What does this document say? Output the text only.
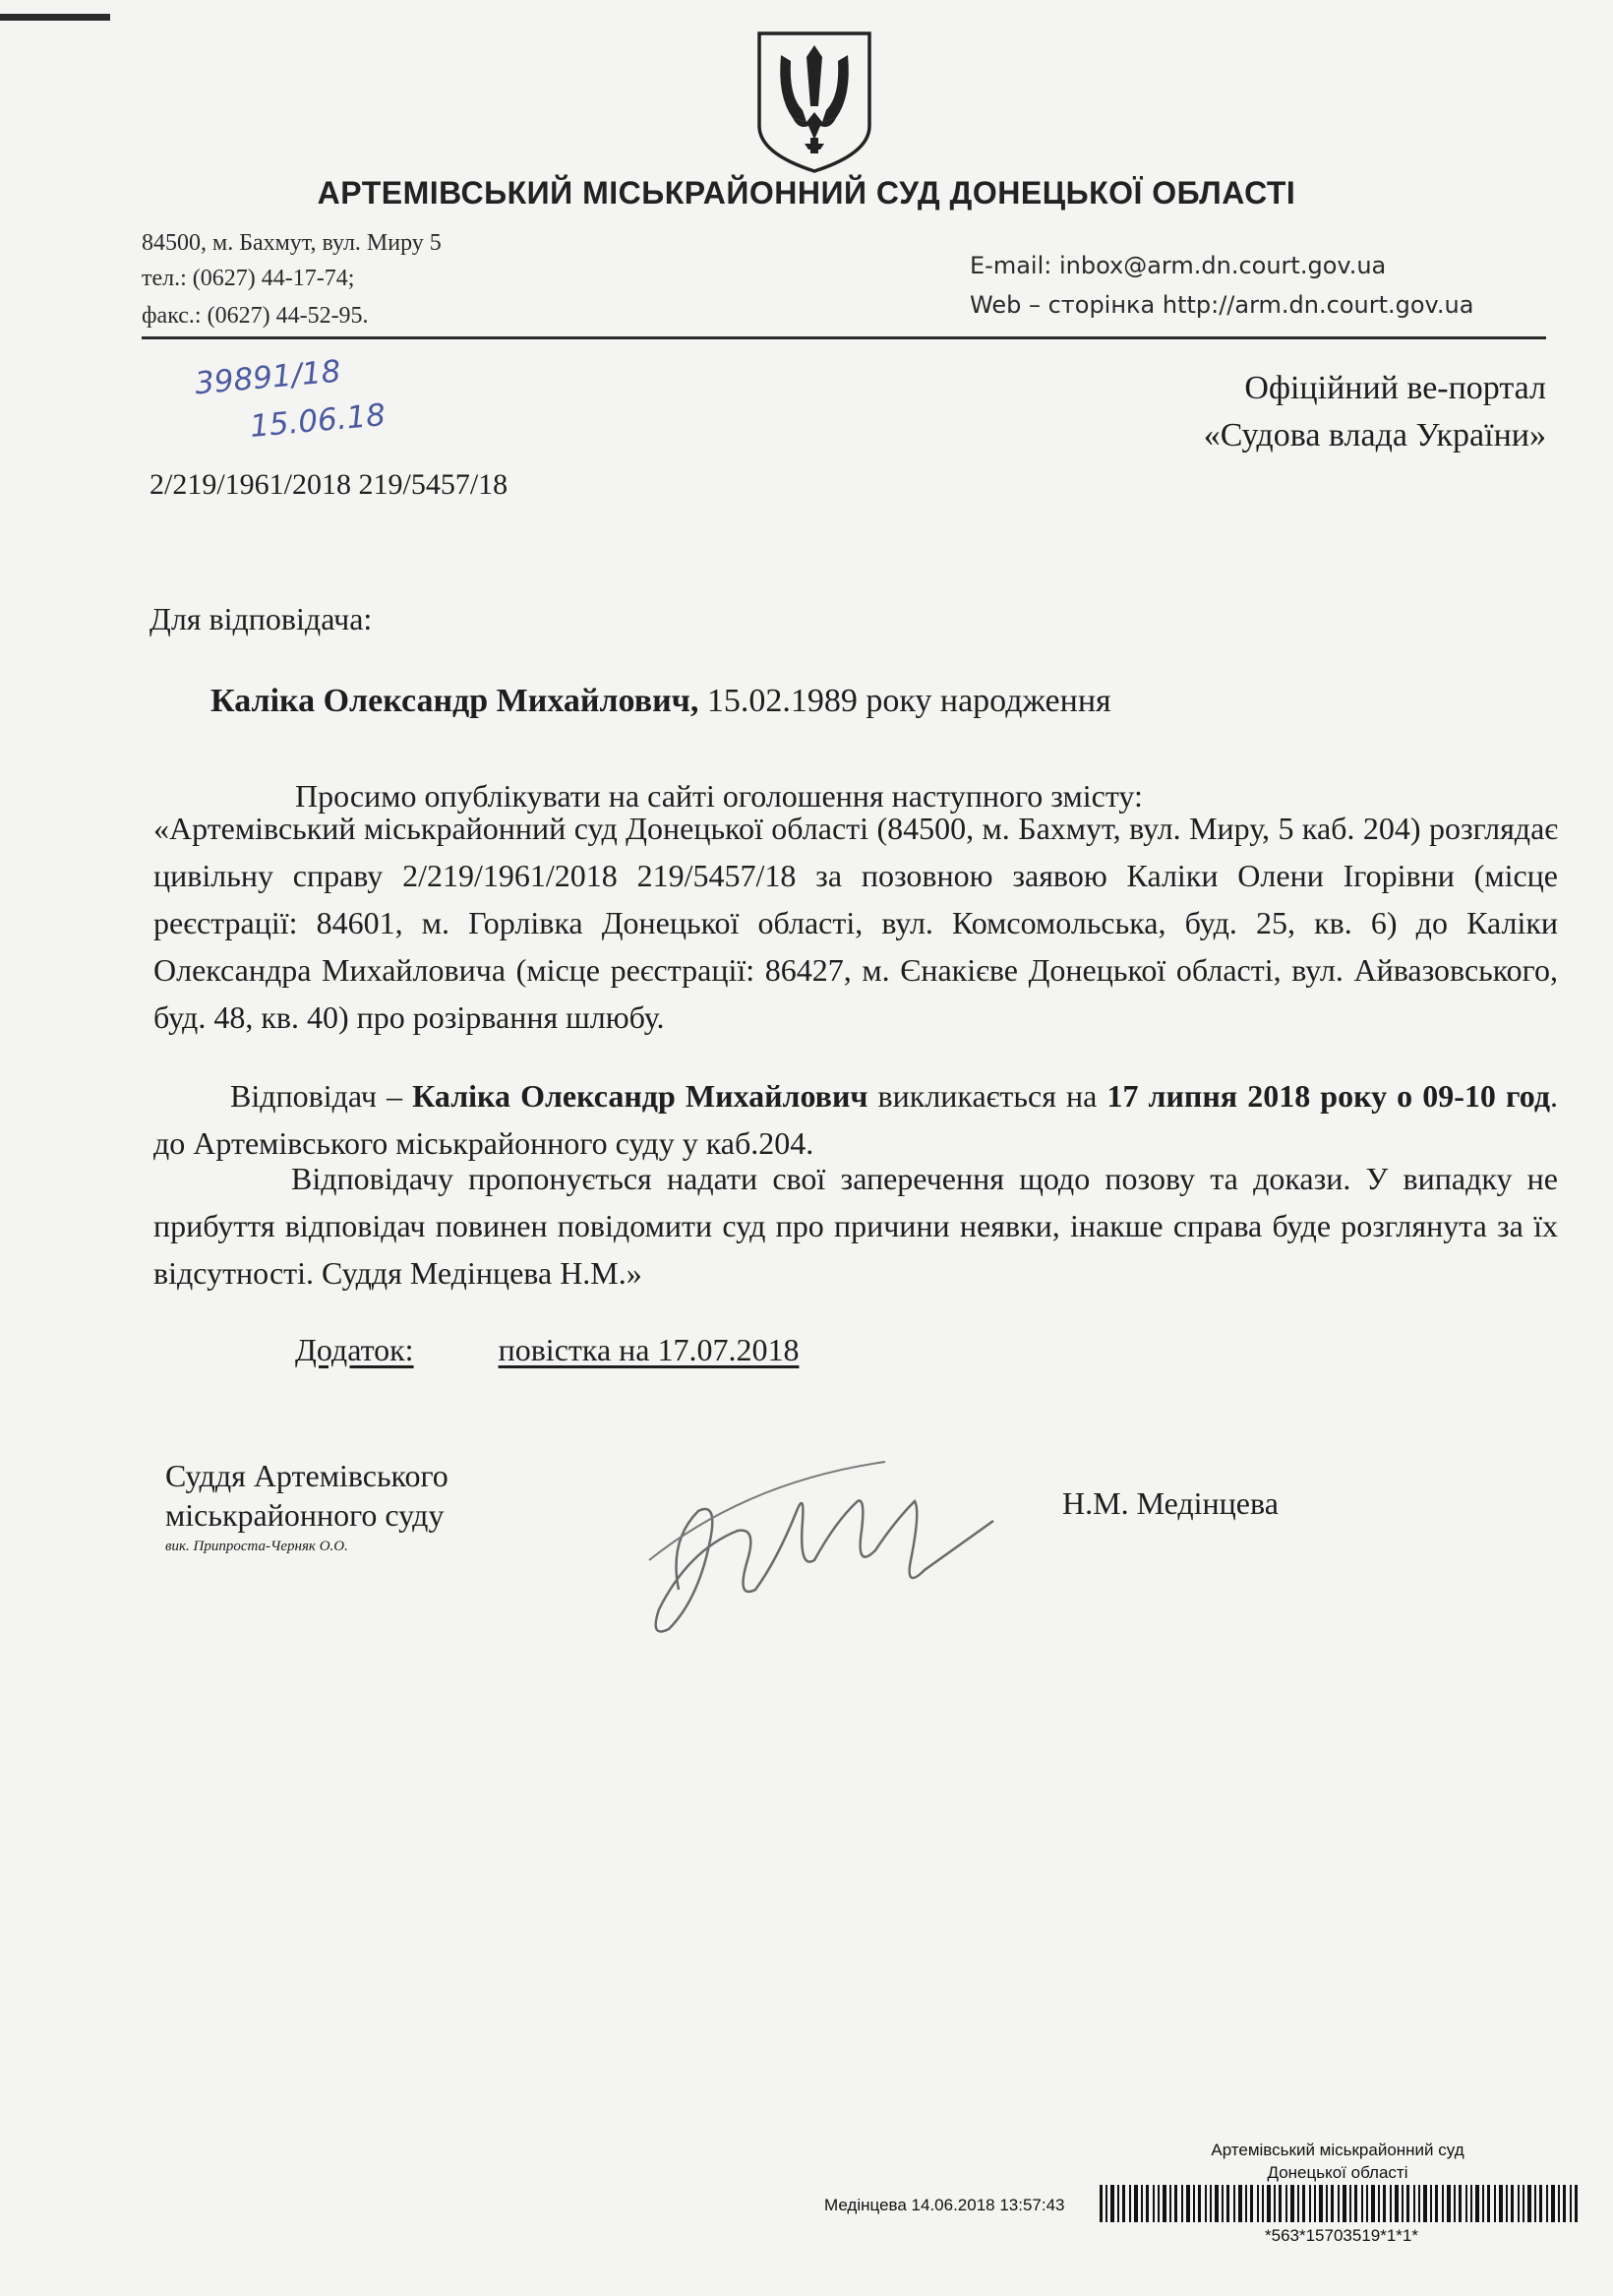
АРТЕМІВСЬКИЙ МІСЬКРАЙОННИЙ СУД ДОНЕЦЬКОЇ ОБЛАСТІ
84500, м. Бахмут, вул. Миру 5
тел.: (0627) 44-17-74;
факс.: (0627) 44-52-95.
E-mail: inbox@arm.dn.court.gov.ua
Web – сторінка http://arm.dn.court.gov.ua
39891/18
15.06.18
Офіційний ве-портал
«Судова влада України»
2/219/1961/2018 219/5457/18
Для відповідача:
Каліка Олександр Михайлович, 15.02.1989 року народження
Просимо опублікувати на сайті оголошення наступного змісту:
«Артемівський міськрайонний суд Донецької області (84500, м. Бахмут, вул. Миру, 5 каб. 204) розглядає цивільну справу 2/219/1961/2018 219/5457/18 за позовною заявою Каліки Олени Ігорівни (місце реєстрації: 84601, м. Горлівка Донецької області, вул. Комсомольська, буд. 25, кв. 6) до Каліки Олександра Михайловича (місце реєстрації: 86427, м. Єнакієве Донецької області, вул. Айвазовського, буд. 48, кв. 40) про розірвання шлюбу.
Відповідач – Каліка Олександр Михайлович викликається на 17 липня 2018 року о 09-10 год. до Артемівського міськрайонного суду у каб.204.
Відповідачу пропонується надати свої заперечення щодо позову та докази. У випадку не прибуття відповідач повинен повідомити суд про причини неявки, інакше справа буде розглянута за їх відсутності. Суддя Медінцева Н.М.»
Додаток:	повістка на 17.07.2018
Суддя Артемівського
міськрайонного суду
вик. Припроста-Черняк О.О.
Н.М. Медінцева
Артемівський міськрайонний суд
Донецької області
Медінцева 14.06.2018 13:57:43
*563*15703519*1*1*
